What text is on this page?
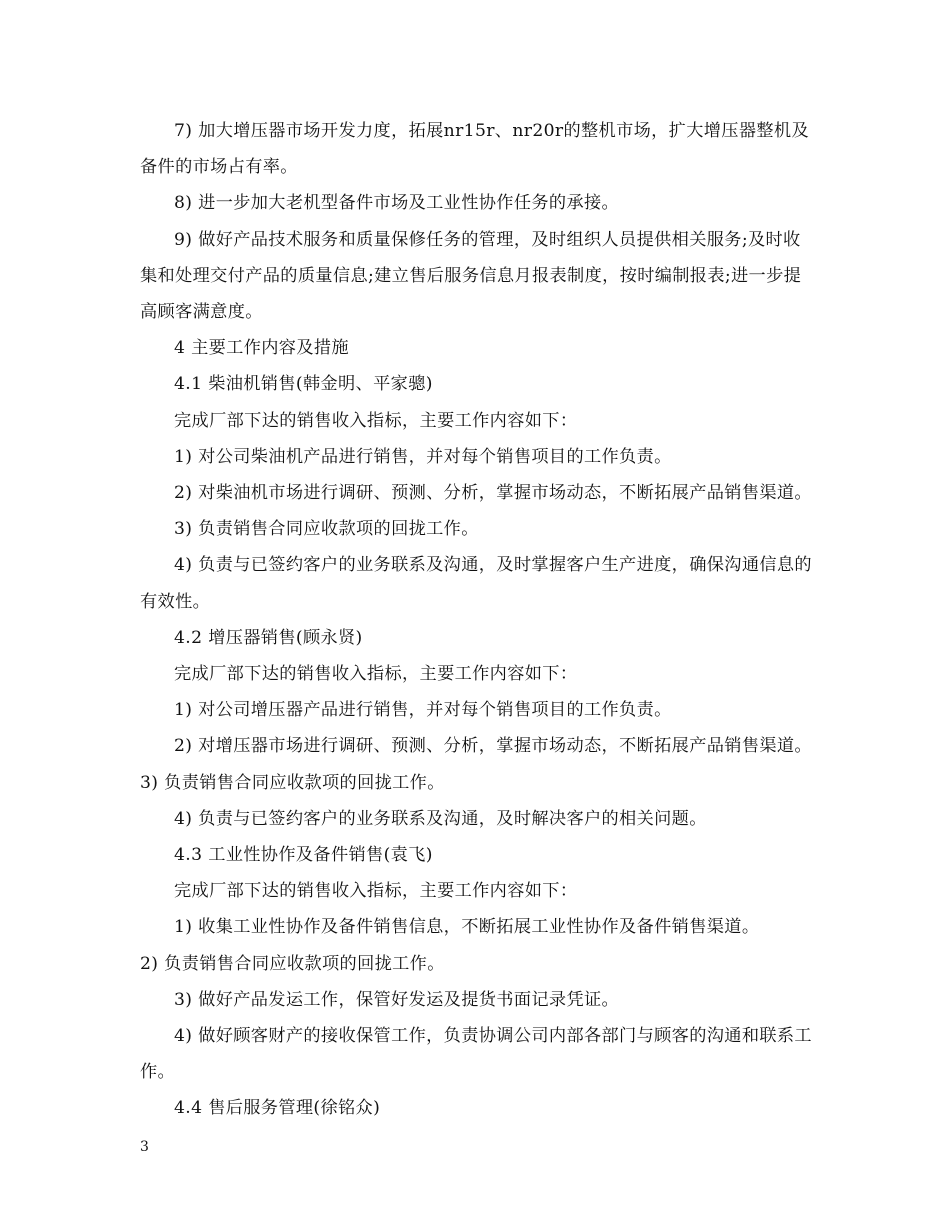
7) 加大增压器市场开发力度，拓展nr15r、nr20r的整机市场，扩大增压器整机及备件的市场占有率。

8) 进一步加大老机型备件市场及工业性协作任务的承接。

9) 做好产品技术服务和质量保修任务的管理，及时组织人员提供相关服务;及时收集和处理交付产品的质量信息;建立售后服务信息月报表制度，按时编制报表;进一步提高顾客满意度。

4 主要工作内容及措施

4.1 柴油机销售(韩金明、平家骢)

完成厂部下达的销售收入指标，主要工作内容如下：

1) 对公司柴油机产品进行销售，并对每个销售项目的工作负责。

2) 对柴油机市场进行调研、预测、分析，掌握市场动态，不断拓展产品销售渠道。

3) 负责销售合同应收款项的回拢工作。

4) 负责与已签约客户的业务联系及沟通，及时掌握客户生产进度，确保沟通信息的有效性。

4.2 增压器销售(顾永贤)

完成厂部下达的销售收入指标，主要工作内容如下：

1) 对公司增压器产品进行销售，并对每个销售项目的工作负责。

2) 对增压器市场进行调研、预测、分析，掌握市场动态，不断拓展产品销售渠道。 3) 负责销售合同应收款项的回拢工作。

4) 负责与已签约客户的业务联系及沟通，及时解决客户的相关问题。

4.3 工业性协作及备件销售(袁飞)

完成厂部下达的销售收入指标，主要工作内容如下：

1) 收集工业性协作及备件销售信息，不断拓展工业性协作及备件销售渠道。

2) 负责销售合同应收款项的回拢工作。

3) 做好产品发运工作，保管好发运及提货书面记录凭证。

4) 做好顾客财产的接收保管工作，负责协调公司内部各部门与顾客的沟通和联系工作。

4.4 售后服务管理(徐铭众)

3
